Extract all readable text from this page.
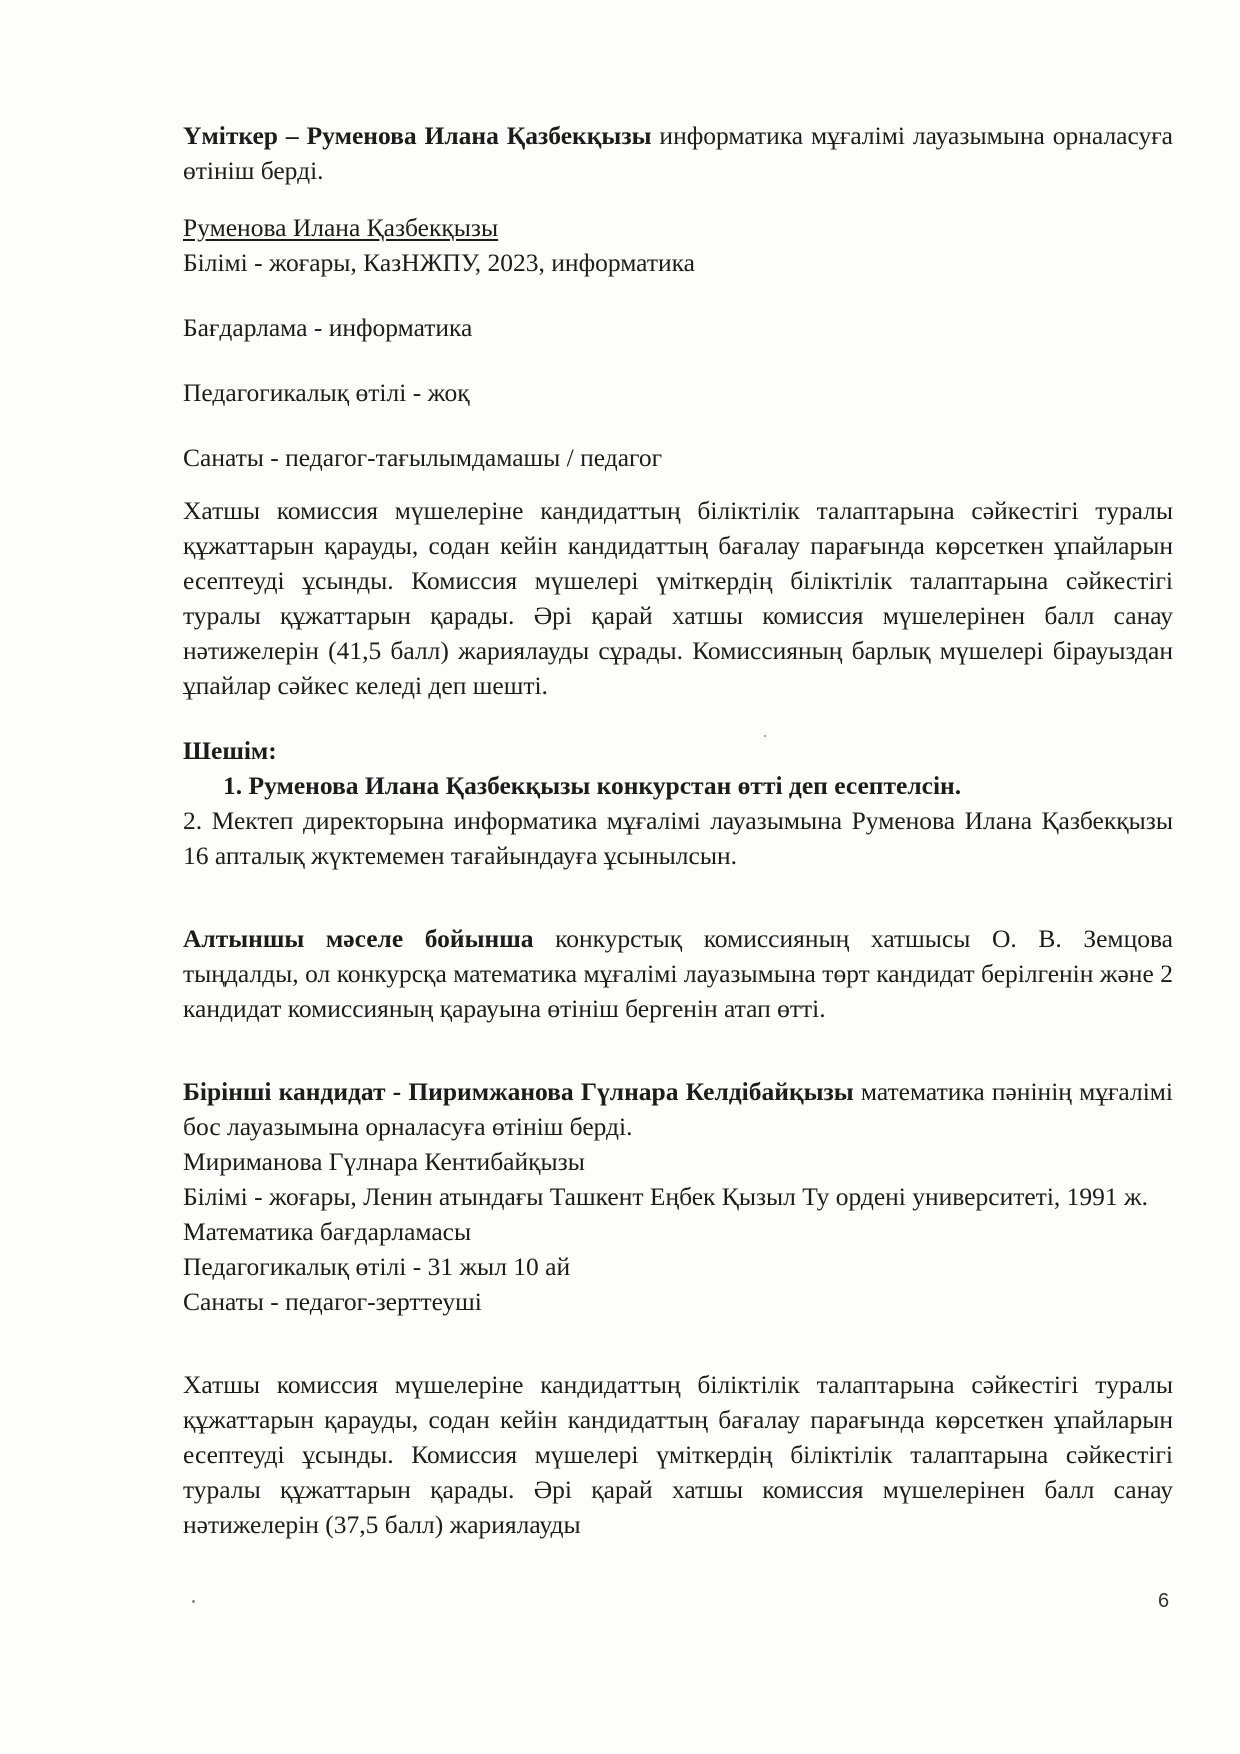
Үміткер – Руменова Илана Қазбекқызы информатика мұғалімі лауазымына орналасуға өтініш берді.

Руменова Илана Қазбекқызы

Білімі - жоғары, КазНЖПУ, 2023, информатика

Бағдарлама - информатика

Педагогикалық өтілі - жоқ

Санаты - педагог-тағылымдамашы / педагог

Хатшы комиссия мүшелеріне кандидаттың біліктілік талаптарына сәйкестігі туралы құжаттарын қарауды, содан кейін кандидаттың бағалау парағында көрсеткен ұпайларын есептеуді ұсынды. Комиссия мүшелері үміткердің біліктілік талаптарына сәйкестігі туралы құжаттарын қарады. Әрі қарай хатшы комиссия мүшелерінен балл санау нәтижелерін (41,5 балл) жариялауды сұрады. Комиссияның барлық мүшелері бірауыздан ұпайлар сәйкес келеді деп шешті.

Шешім:

1. Руменова Илана Қазбекқызы конкурстан өтті деп есептелсін.

2. Мектеп директорына информатика мұғалімі лауазымына Руменова Илана Қазбекқызы 16 апталық жүктемемен тағайындауға ұсынылсын.

Алтыншы мәселе бойынша конкурстық комиссияның хатшысы О. В. Земцова тыңдалды, ол конкурсқа математика мұғалімі лауазымына төрт кандидат берілгенін және 2 кандидат комиссияның қарауына өтініш бергенін атап өтті.

Бірінші кандидат - Пиримжанова Гүлнара Келдібайқызы математика пәнінің мұғалімі бос лауазымына орналасуға өтініш берді.

Мириманова Гүлнара Кентибайқызы

Білімі - жоғары, Ленин атындағы Ташкент Еңбек Қызыл Ту ордені университеті, 1991 ж.

Математика бағдарламасы

Педагогикалық өтілі - 31 жыл 10 ай

Санаты - педагог-зерттеуші

Хатшы комиссия мүшелеріне кандидаттың біліктілік талаптарына сәйкестігі туралы құжаттарын қарауды, содан кейін кандидаттың бағалау парағында көрсеткен ұпайларын есептеуді ұсынды. Комиссия мүшелері үміткердің біліктілік талаптарына сәйкестігі туралы құжаттарын қарады. Әрі қарай хатшы комиссия мүшелерінен балл санау нәтижелерін (37,5 балл) жариялауды

6
